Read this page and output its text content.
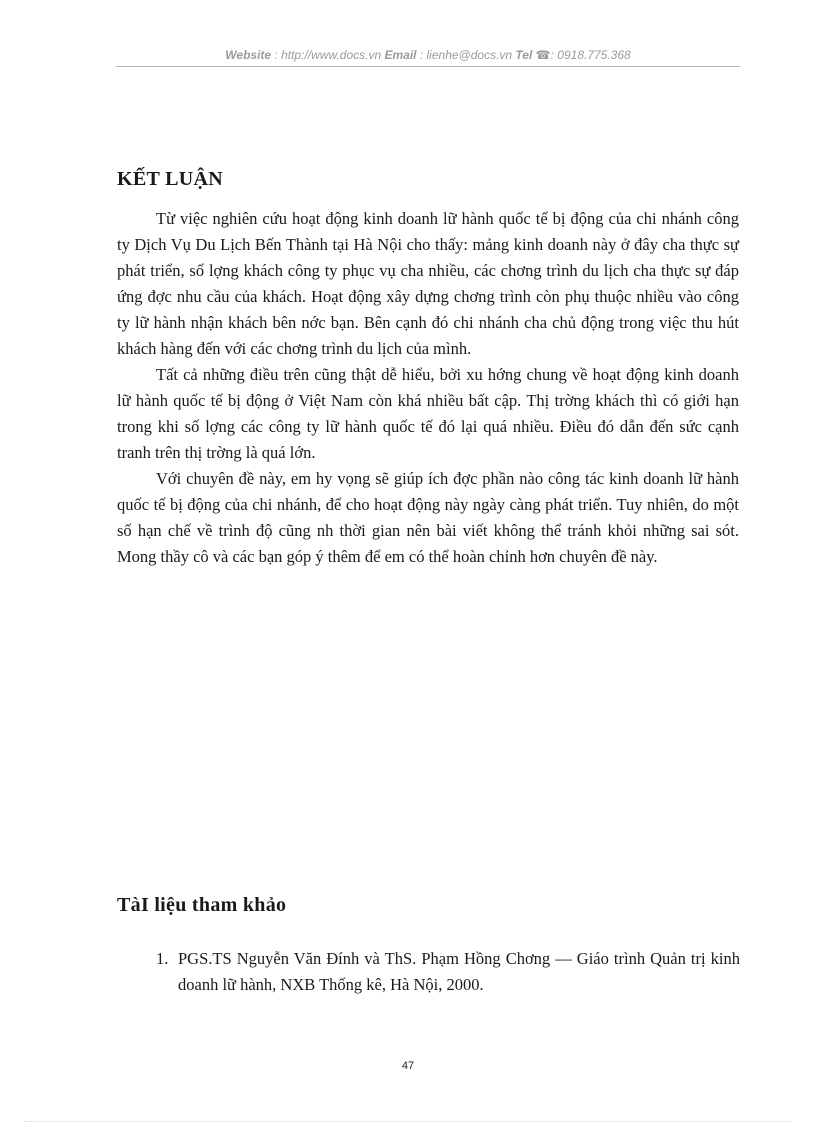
Website : http://www.docs.vn Email : lienhe@docs.vn Tel ☎: 0918.775.368
KẾT LUẬN

Từ việc nghiên cứu hoạt động kinh doanh lữ hành quốc tế bị động của chi nhánh công ty Dịch Vụ Du Lịch Bến Thành tại Hà Nội cho thấy: mảng kinh doanh này ở đây cha thực sự phát triển, số lợng khách công ty phục vụ cha nhiều, các chơng trình du lịch cha thực sự đáp ứng đợc nhu cầu của khách. Hoạt động xây dựng chơng trình còn phụ thuộc nhiều vào công ty lữ hành nhận khách bên nớc bạn. Bên cạnh đó chi nhánh cha chủ động trong việc thu hút khách hàng đến với các chơng trình du lịch của mình.

Tất cả những điều trên cũng thật dễ hiểu, bởi xu hớng chung về hoạt động kinh doanh lữ hành quốc tế bị động ở Việt Nam còn khá nhiều bất cập. Thị trờng khách thì có giới hạn trong khi số lợng các công ty lữ hành quốc tế đó lại quá nhiều. Điều đó dẫn đến sức cạnh tranh trên thị trờng là quá lớn.

Với chuyên đề này, em hy vọng sẽ giúp ích đợc phần nào công tác kinh doanh lữ hành quốc tế bị động của chi nhánh, để cho hoạt động này ngày càng phát triển. Tuy nhiên, do một số hạn chế về trình độ cũng nh thời gian nên bài viết không thể tránh khỏi những sai sót. Mong thầy cô và các bạn góp ý thêm để em có thể hoàn chỉnh hơn chuyên đề này.

TàI liệu tham khảo
1. PGS.TS Nguyễn Văn Đính và ThS. Phạm Hồng Chơng — Giáo trình Quản trị kinh doanh lữ hành, NXB Thống kê, Hà Nội, 2000.
47
